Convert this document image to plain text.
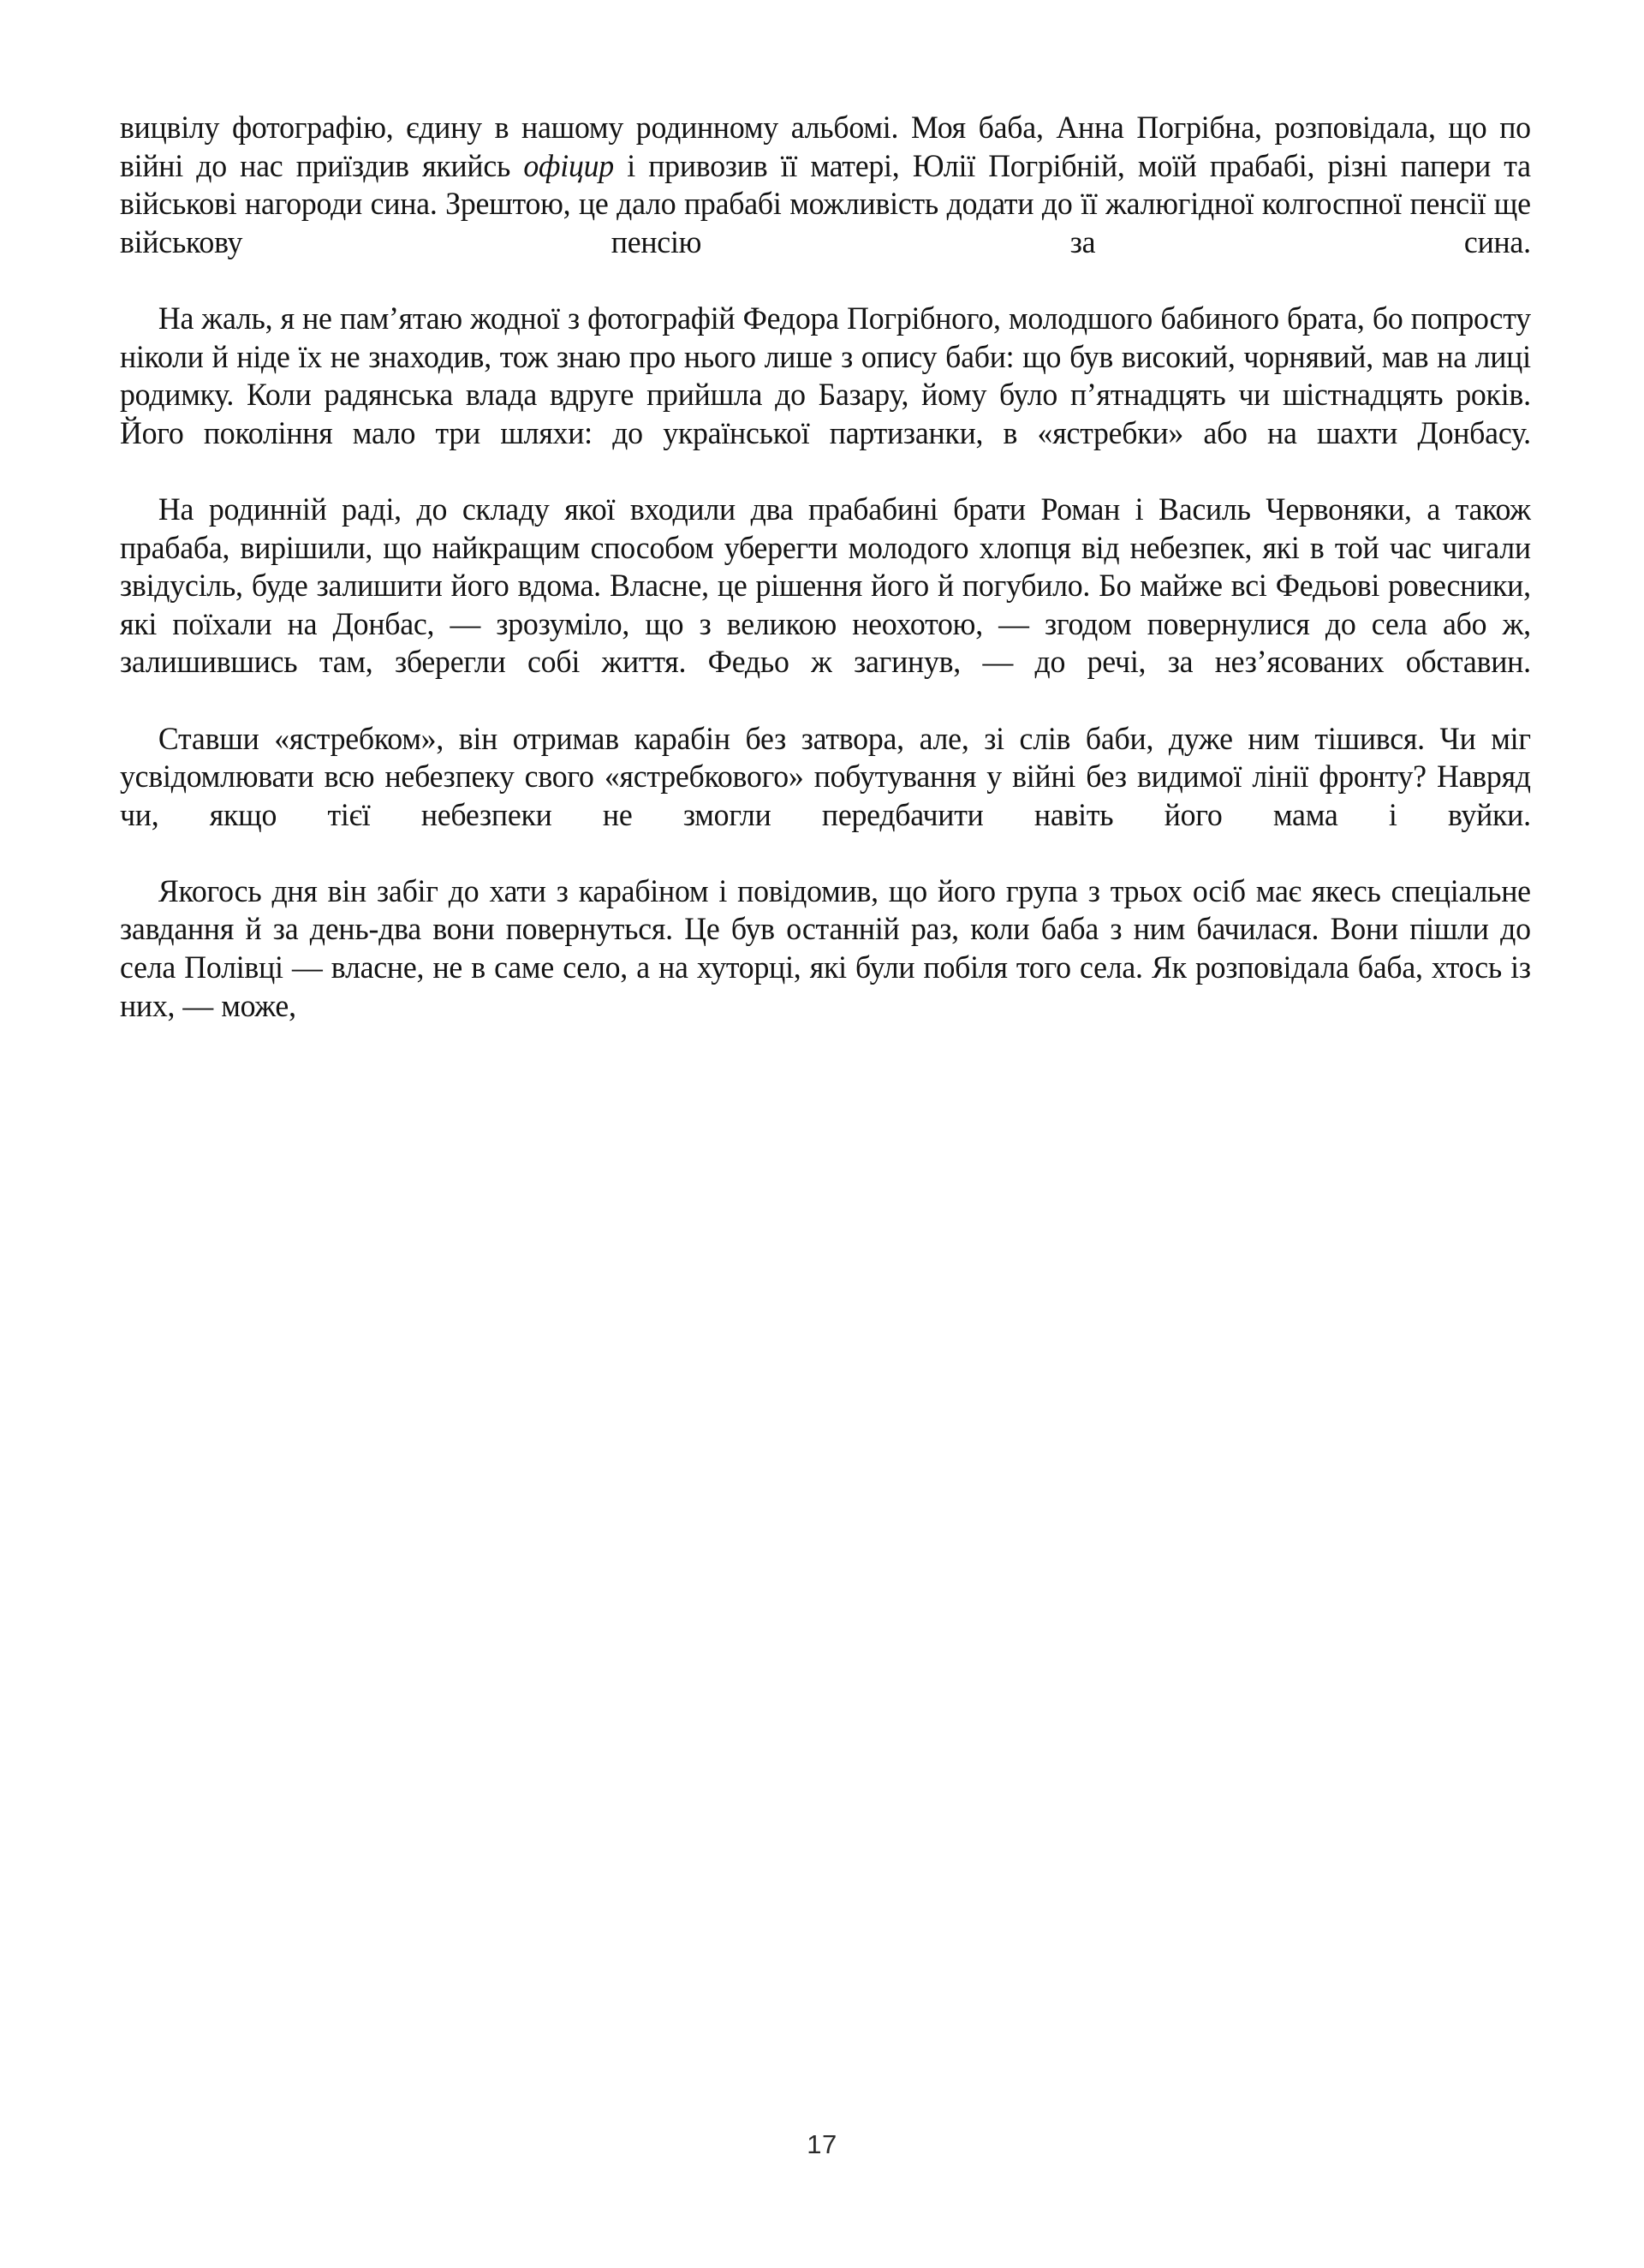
вицвілу фотографію, єдину в нашому родинному альбомі. Моя баба, Анна Погрібна, розповідала, що по війні до нас приїздив якийсь офіцир і привозив її матері, Юлії Погрібній, моїй прабабі, різні папери та військові нагороди сина. Зрештою, це дало прабабі можливість додати до її жалюгідної колгоспної пенсії ще військову пенсію за сина.

На жаль, я не пам’ятаю жодної з фотографій Федора Погрібного, молодшого бабиного брата, бо попросту ніколи й ніде їх не знаходив, тож знаю про нього лише з опису баби: що був високий, чорнявий, мав на лиці родимку. Коли радянська влада вдруге прийшла до Базару, йому було п’ятнадцять чи шістнадцять років. Його покоління мало три шляхи: до української партизанки, в «ястребки» або на шахти Донбасу.

На родинній раді, до складу якої входили два прабабині брати Роман і Василь Червоняки, а також прабаба, вирішили, що найкращим способом уберегти молодого хлопця від небезпек, які в той час чигали звідусіль, буде залишити його вдома. Власне, це рішення його й погубило. Бо майже всі Федьові ровесники, які поїхали на Донбас, — зрозуміло, що з великою неохотою, — згодом повернулися до села або ж, залишившись там, зберегли собі життя. Федьо ж загинув, — до речі, за нез’ясованих обставин.

Ставши «ястребком», він отримав карабін без затвора, але, зі слів баби, дуже ним тішився. Чи міг усвідомлювати всю небезпеку свого «ястребкового» побутування у війні без видимої лінії фронту? Навряд чи, якщо тієї небезпеки не змогли передбачити навіть його мама і вуйки.

Якогось дня він забіг до хати з карабіном і повідомив, що його група з трьох осіб має якесь спеціальне завдання й за день-два вони повернуться. Це був останній раз, коли баба з ним бачилася. Вони пішли до села Полівці — власне, не в саме село, а на хуторці, які були побіля того села. Як розповідала баба, хтось із них, — може,

17
